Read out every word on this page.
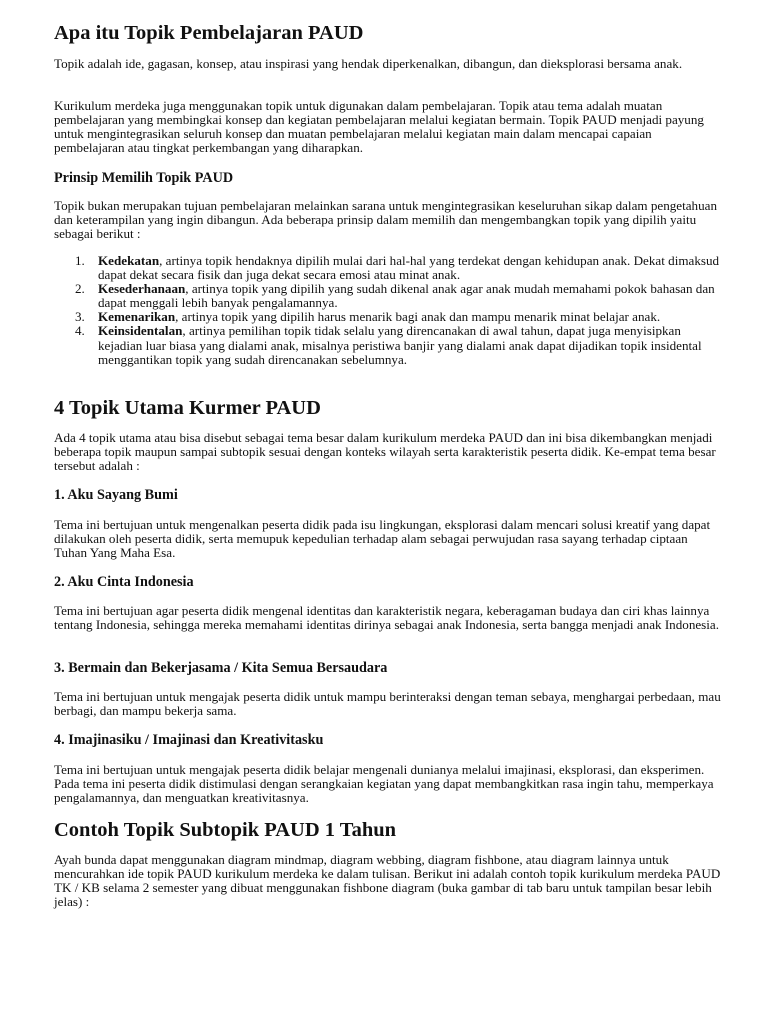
Apa itu Topik Pembelajaran PAUD

Topik adalah ide, gagasan, konsep, atau inspirasi yang hendak diperkenalkan, dibangun, dan dieksplorasi bersama anak.

Kurikulum merdeka juga menggunakan topik untuk digunakan dalam pembelajaran. Topik atau tema adalah muatan pembelajaran yang membingkai konsep dan kegiatan pembelajaran melalui kegiatan bermain. Topik PAUD menjadi payung untuk mengintegrasikan seluruh konsep dan muatan pembelajaran melalui kegiatan main dalam mencapai capaian pembelajaran atau tingkat perkembangan yang diharapkan.

Prinsip Memilih Topik PAUD

Topik bukan merupakan tujuan pembelajaran melainkan sarana untuk mengintegrasikan keseluruhan sikap dalam pengetahuan dan keterampilan yang ingin dibangun. Ada beberapa prinsip dalam memilih dan mengembangkan topik yang dipilih yaitu sebagai berikut :

1. Kedekatan, artinya topik hendaknya dipilih mulai dari hal-hal yang terdekat dengan kehidupan anak. Dekat dimaksud dapat dekat secara fisik dan juga dekat secara emosi atau minat anak.
2. Kesederhanaan, artinya topik yang dipilih yang sudah dikenal anak agar anak mudah memahami pokok bahasan dan dapat menggali lebih banyak pengalamannya.
3. Kemenarikan, artinya topik yang dipilih harus menarik bagi anak dan mampu menarik minat belajar anak.
4. Keinsidentalan, artinya pemilihan topik tidak selalu yang direncanakan di awal tahun, dapat juga menyisipkan kejadian luar biasa yang dialami anak, misalnya peristiwa banjir yang dialami anak dapat dijadikan topik insidental menggantikan topik yang sudah direncanakan sebelumnya.
4 Topik Utama Kurmer PAUD

Ada 4 topik utama atau bisa disebut sebagai tema besar dalam kurikulum merdeka PAUD dan ini bisa dikembangkan menjadi beberapa topik maupun sampai subtopik sesuai dengan konteks wilayah serta karakteristik peserta didik. Ke-empat tema besar tersebut adalah :

1. Aku Sayang Bumi

Tema ini bertujuan untuk mengenalkan peserta didik pada isu lingkungan, eksplorasi dalam mencari solusi kreatif yang dapat dilakukan oleh peserta didik, serta memupuk kepedulian terhadap alam sebagai perwujudan rasa sayang terhadap ciptaan Tuhan Yang Maha Esa.

2. Aku Cinta Indonesia

Tema ini bertujuan agar peserta didik mengenal identitas dan karakteristik negara, keberagaman budaya dan ciri khas lainnya tentang Indonesia, sehingga mereka memahami identitas dirinya sebagai anak Indonesia, serta bangga menjadi anak Indonesia.

3. Bermain dan Bekerjasama / Kita Semua Bersaudara

Tema ini bertujuan untuk mengajak peserta didik untuk mampu berinteraksi dengan teman sebaya, menghargai perbedaan, mau berbagi, dan mampu bekerja sama.

4. Imajinasiku / Imajinasi dan Kreativitasku

Tema ini bertujuan untuk mengajak peserta didik belajar mengenali dunianya melalui imajinasi, eksplorasi, dan eksperimen. Pada tema ini peserta didik distimulasi dengan serangkaian kegiatan yang dapat membangkitkan rasa ingin tahu, memperkaya pengalamannya, dan menguatkan kreativitasnya.

Contoh Topik Subtopik PAUD 1 Tahun

Ayah bunda dapat menggunakan diagram mindmap, diagram webbing, diagram fishbone, atau diagram lainnya untuk mencurahkan ide topik PAUD kurikulum merdeka ke dalam tulisan. Berikut ini adalah contoh topik kurikulum merdeka PAUD TK / KB selama 2 semester yang dibuat menggunakan fishbone diagram (buka gambar di tab baru untuk tampilan besar lebih jelas) :
